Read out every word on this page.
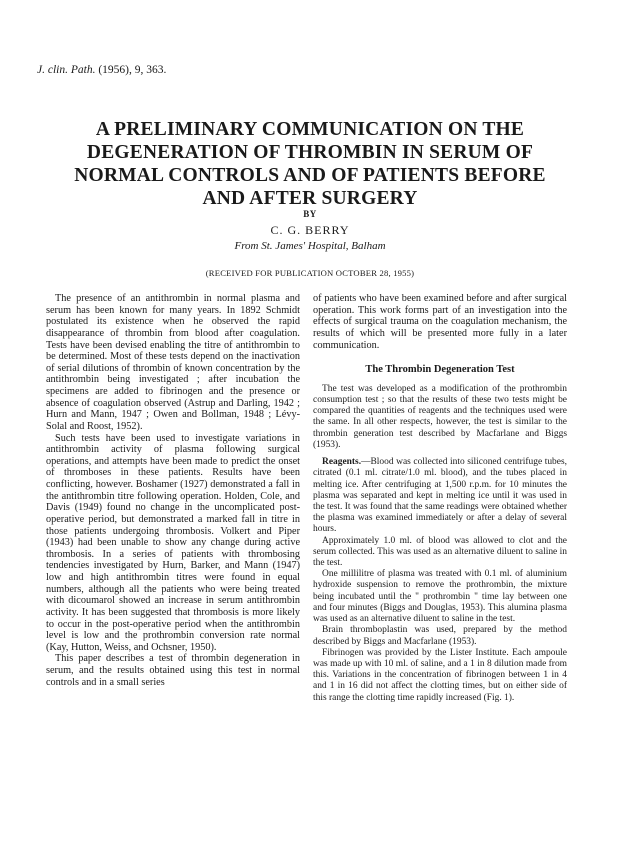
J. clin. Path. (1956), 9, 363.
A PRELIMINARY COMMUNICATION ON THE
DEGENERATION OF THROMBIN IN SERUM OF
NORMAL CONTROLS AND OF PATIENTS BEFORE
AND AFTER SURGERY
BY
C. G. BERRY
From St. James' Hospital, Balham
(RECEIVED FOR PUBLICATION OCTOBER 28, 1955)

The presence of an antithrombin in normal plasma and serum has been known for many years. In 1892 Schmidt postulated its existence when he observed the rapid disappearance of thrombin from blood after coagulation. Tests have been devised enabling the titre of antithrombin to be determined. Most of these tests depend on the inactivation of serial dilutions of thrombin of known concentration by the antithrombin being investigated ; after incubation the specimens are added to fibrinogen and the presence or absence of coagulation observed (Astrup and Darling, 1942 ; Hurn and Mann, 1947 ; Owen and Bollman, 1948 ; Lévy-Solal and Roost, 1952).

Such tests have been used to investigate variations in antithrombin activity of plasma following surgical operations, and attempts have been made to predict the onset of thromboses in these patients. Results have been conflicting, however. Boshamer (1927) demonstrated a fall in the antithrombin titre following operation. Holden, Cole, and Davis (1949) found no change in the uncomplicated post-operative period, but demonstrated a marked fall in titre in those patients undergoing thrombosis. Volkert and Piper (1943) had been unable to show any change during active thrombosis. In a series of patients with thrombosing tendencies investigated by Hurn, Barker, and Mann (1947) low and high antithrombin titres were found in equal numbers, although all the patients who were being treated with dicoumarol showed an increase in serum antithrombin activity. It has been suggested that thrombosis is more likely to occur in the post-operative period when the antithrombin level is low and the prothrombin conversion rate normal (Kay, Hutton, Weiss, and Ochsner, 1950).

This paper describes a test of thrombin degeneration in serum, and the results obtained using this test in normal controls and in a small series

of patients who have been examined before and after surgical operation. This work forms part of an investigation into the effects of surgical trauma on the coagulation mechanism, the results of which will be presented more fully in a later communication.

The Thrombin Degeneration Test

The test was developed as a modification of the prothrombin consumption test ; so that the results of these two tests might be compared the quantities of reagents and the techniques used were the same. In all other respects, however, the test is similar to the thrombin generation test described by Macfarlane and Biggs (1953).

Reagents.—Blood was collected into siliconed centrifuge tubes, citrated (0.1 ml. citrate/1.0 ml. blood), and the tubes placed in melting ice. After centrifuging at 1,500 r.p.m. for 10 minutes the plasma was separated and kept in melting ice until it was used in the test. It was found that the same readings were obtained whether the plasma was examined immediately or after a delay of several hours.

Approximately 1.0 ml. of blood was allowed to clot and the serum collected. This was used as an alternative diluent to saline in the test.

One millilitre of plasma was treated with 0.1 ml. of aluminium hydroxide suspension to remove the prothrombin, the mixture being incubated until the " prothrombin " time lay between one and four minutes (Biggs and Douglas, 1953). This alumina plasma was used as an alternative diluent to saline in the test.

Brain thromboplastin was used, prepared by the method described by Biggs and Macfarlane (1953).

Fibrinogen was provided by the Lister Institute. Each ampoule was made up with 10 ml. of saline, and a 1 in 8 dilution made from this. Variations in the concentration of fibrinogen between 1 in 4 and 1 in 16 did not affect the clotting times, but on either side of this range the clotting time rapidly increased (Fig. 1).
